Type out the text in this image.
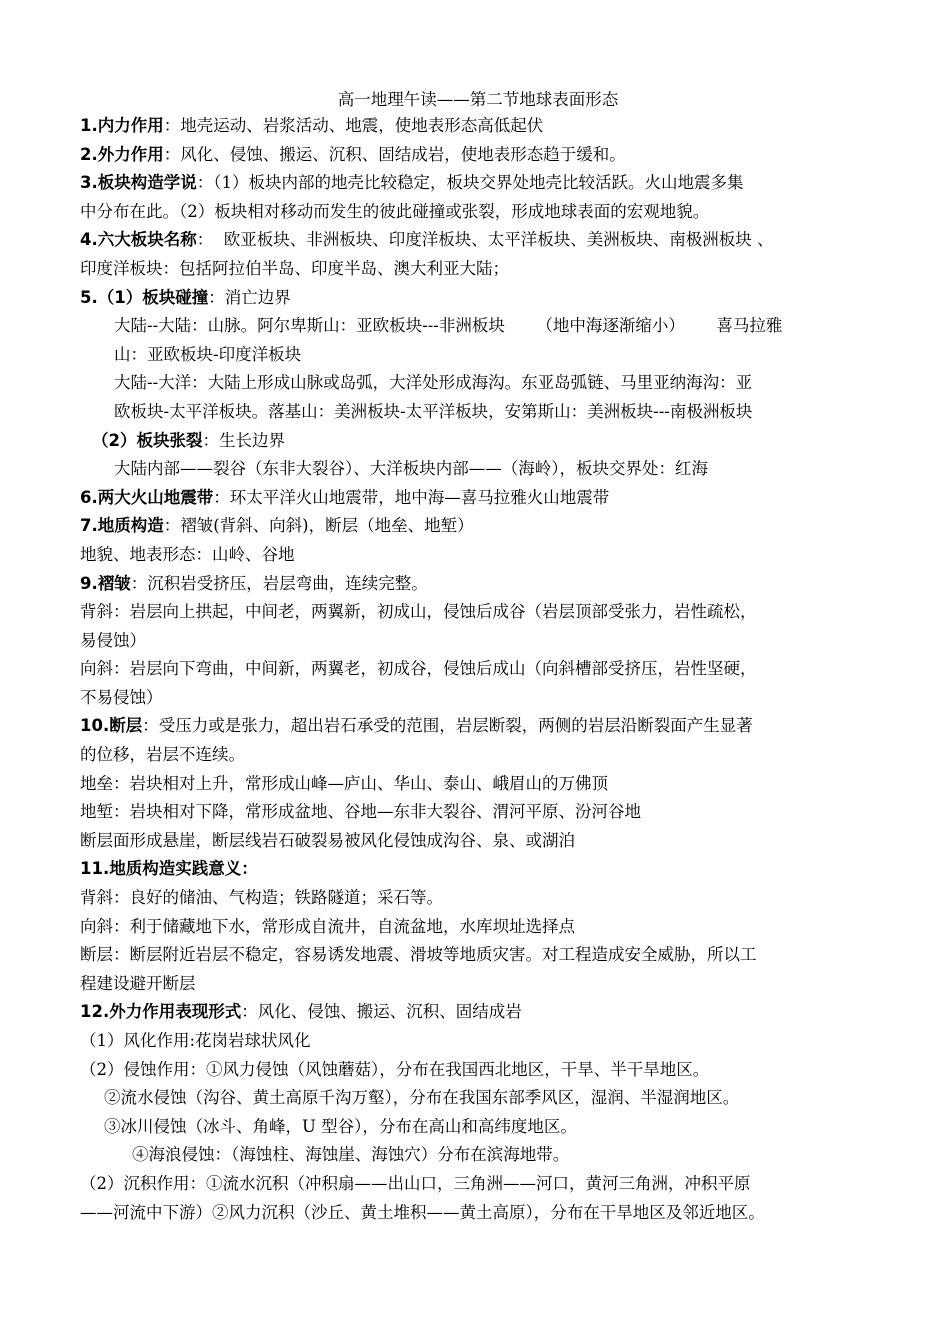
高一地理午读——第二节地球表面形态
1.内力作用：地壳运动、岩浆活动、地震，使地表形态高低起伏
2.外力作用：风化、侵蚀、搬运、沉积、固结成岩，使地表形态趋于缓和。
3.板块构造学说：（1）板块内部的地壳比较稳定，板块交界处地壳比较活跃。火山地震多集
中分布在此。（2）板块相对移动而发生的彼此碰撞或张裂，形成地球表面的宏观地貌。
4.六大板块名称：  欧亚板块、非洲板块、印度洋板块、太平洋板块、美洲板块、南极洲板块 、
印度洋板块：包括阿拉伯半岛、印度半岛、澳大利亚大陆；
5.（1）板块碰撞：消亡边界
大陆--大陆：山脉。阿尔卑斯山：亚欧板块---非洲板块      （地中海逐渐缩小）      喜马拉雅
山：亚欧板块-印度洋板块
大陆--大洋：大陆上形成山脉或岛弧，大洋处形成海沟。东亚岛弧链、马里亚纳海沟：亚
欧板块-太平洋板块。落基山：美洲板块-太平洋板块，安第斯山：美洲板块---南极洲板块
（2）板块张裂：生长边界
大陆内部——裂谷（东非大裂谷）、大洋板块内部——（海岭），板块交界处：红海
6.两大火山地震带：环太平洋火山地震带，地中海—喜马拉雅火山地震带
7.地质构造：褶皱(背斜、向斜)，断层（地垒、地堑）
地貌、地表形态：山岭、谷地
9.褶皱：沉积岩受挤压，岩层弯曲，连续完整。
背斜：岩层向上拱起，中间老，两翼新，初成山，侵蚀后成谷（岩层顶部受张力，岩性疏松，
易侵蚀）
向斜：岩层向下弯曲，中间新，两翼老，初成谷，侵蚀后成山（向斜槽部受挤压，岩性坚硬，
不易侵蚀）
10.断层：受压力或是张力，超出岩石承受的范围，岩层断裂，两侧的岩层沿断裂面产生显著
的位移，岩层不连续。
地垒：岩块相对上升，常形成山峰—庐山、华山、泰山、峨眉山的万佛顶
地堑：岩块相对下降，常形成盆地、谷地—东非大裂谷、渭河平原、汾河谷地
断层面形成悬崖，断层线岩石破裂易被风化侵蚀成沟谷、泉、或湖泊
11.地质构造实践意义：
背斜：良好的储油、气构造；铁路隧道；采石等。
向斜：利于储藏地下水，常形成自流井，自流盆地，水库坝址选择点
断层：断层附近岩层不稳定，容易诱发地震、滑坡等地质灾害。对工程造成安全威胁，所以工
程建设避开断层
12.外力作用表现形式：风化、侵蚀、搬运、沉积、固结成岩
（1）风化作用:花岗岩球状风化
（2）侵蚀作用：①风力侵蚀（风蚀蘑菇），分布在我国西北地区，干旱、半干旱地区。
②流水侵蚀（沟谷、黄土高原千沟万壑），分布在我国东部季风区，湿润、半湿润地区。
③冰川侵蚀（冰斗、角峰，U 型谷），分布在高山和高纬度地区。
④海浪侵蚀：（海蚀柱、海蚀崖、海蚀穴）分布在滨海地带。
（2）沉积作用：①流水沉积（冲积扇——出山口，三角洲——河口，黄河三角洲，冲积平原
——河流中下游）②风力沉积（沙丘、黄土堆积——黄土高原），分布在干旱地区及邻近地区。
